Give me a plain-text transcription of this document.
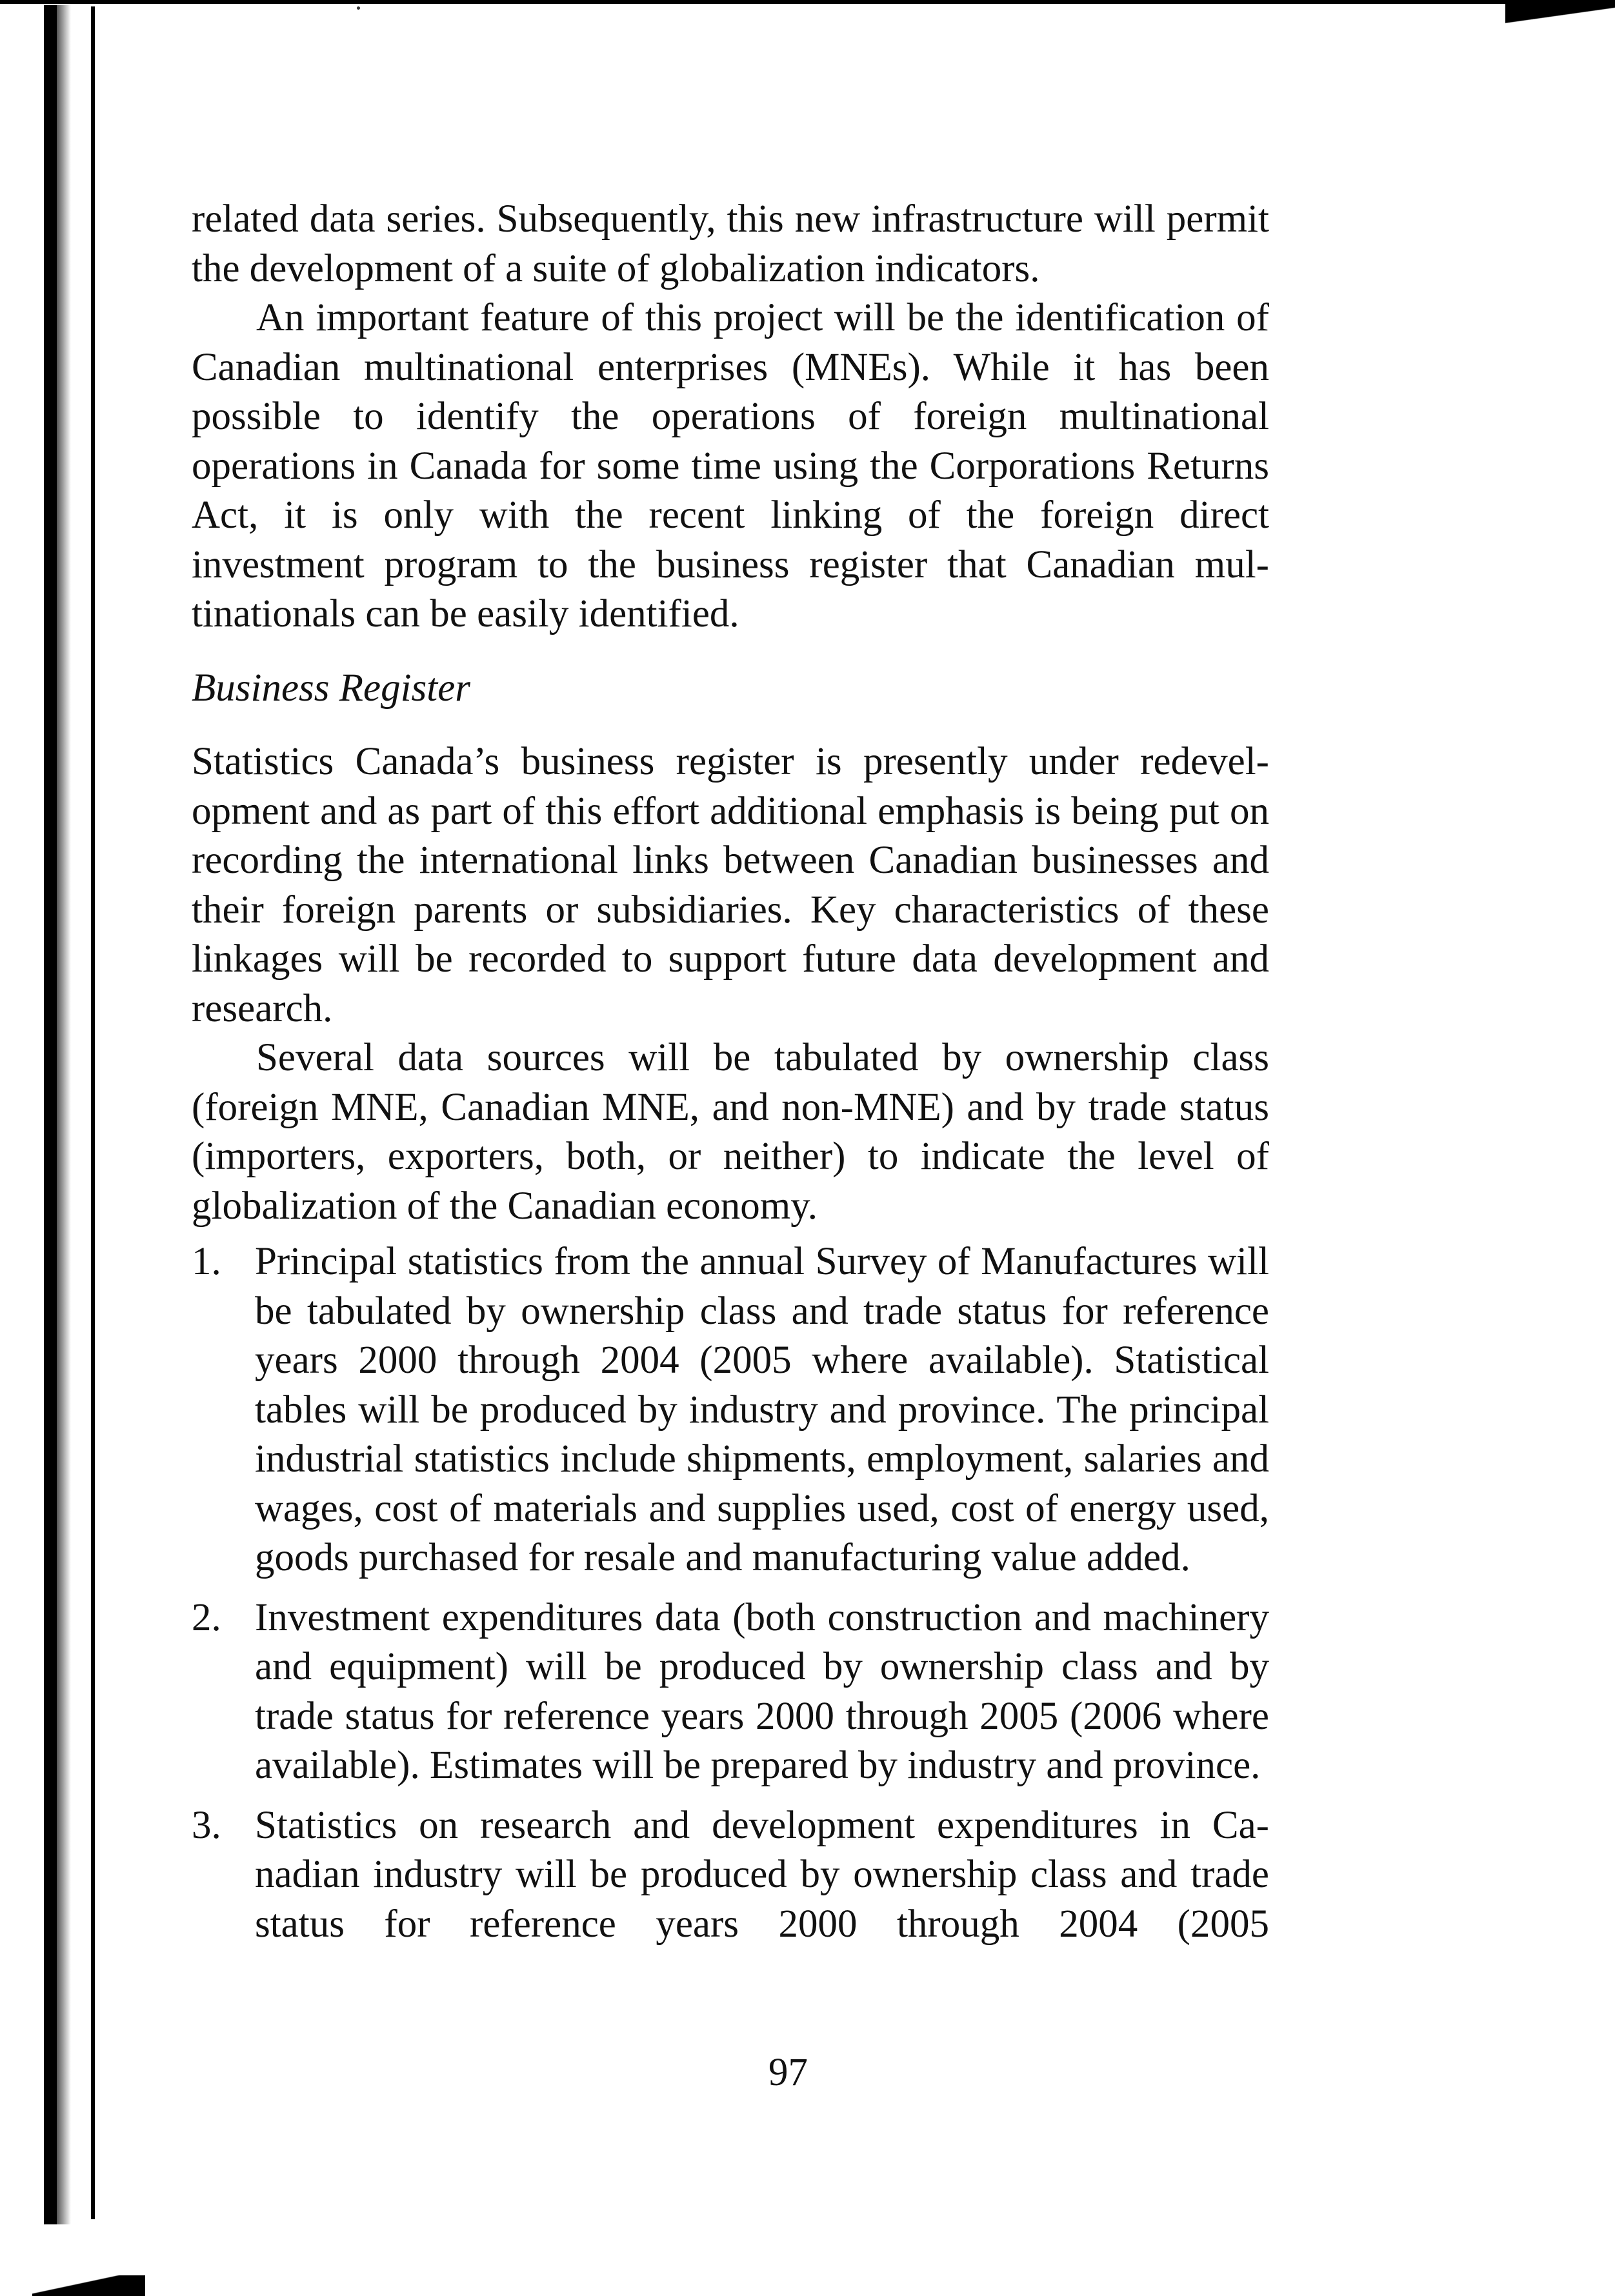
related data series. Subsequently, this new infrastructure will permit the development of a suite of globalization indicators.

An important feature of this project will be the identification of Canadian multinational enterprises (MNEs). While it has been possible to identify the operations of foreign multinational operations in Canada for some time using the Corporations Returns Act, it is only with the recent linking of the foreign direct investment program to the business register that Canadian multinationals can be easily identified.

Business Register

Statistics Canada’s business register is presently under redevelopment and as part of this effort additional emphasis is being put on recording the international links between Canadian businesses and their foreign parents or subsidiaries. Key characteristics of these linkages will be recorded to support future data development and research.

Several data sources will be tabulated by ownership class (foreign MNE, Canadian MNE, and non-MNE) and by trade status (importers, exporters, both, or neither) to indicate the level of globalization of the Canadian economy.

1. Principal statistics from the annual Survey of Manufactures will be tabulated by ownership class and trade status for reference years 2000 through 2004 (2005 where available). Statistical tables will be produced by industry and province. The principal industrial statistics include shipments, employment, salaries and wages, cost of materials and supplies used, cost of energy used, goods purchased for resale and manufacturing value added.
2. Investment expenditures data (both construction and machinery and equipment) will be produced by ownership class and by trade status for reference years 2000 through 2005 (2006 where available). Estimates will be prepared by industry and province.
3. Statistics on research and development expenditures in Canadian industry will be produced by ownership class and trade status for reference years 2000 through 2004 (2005
97
